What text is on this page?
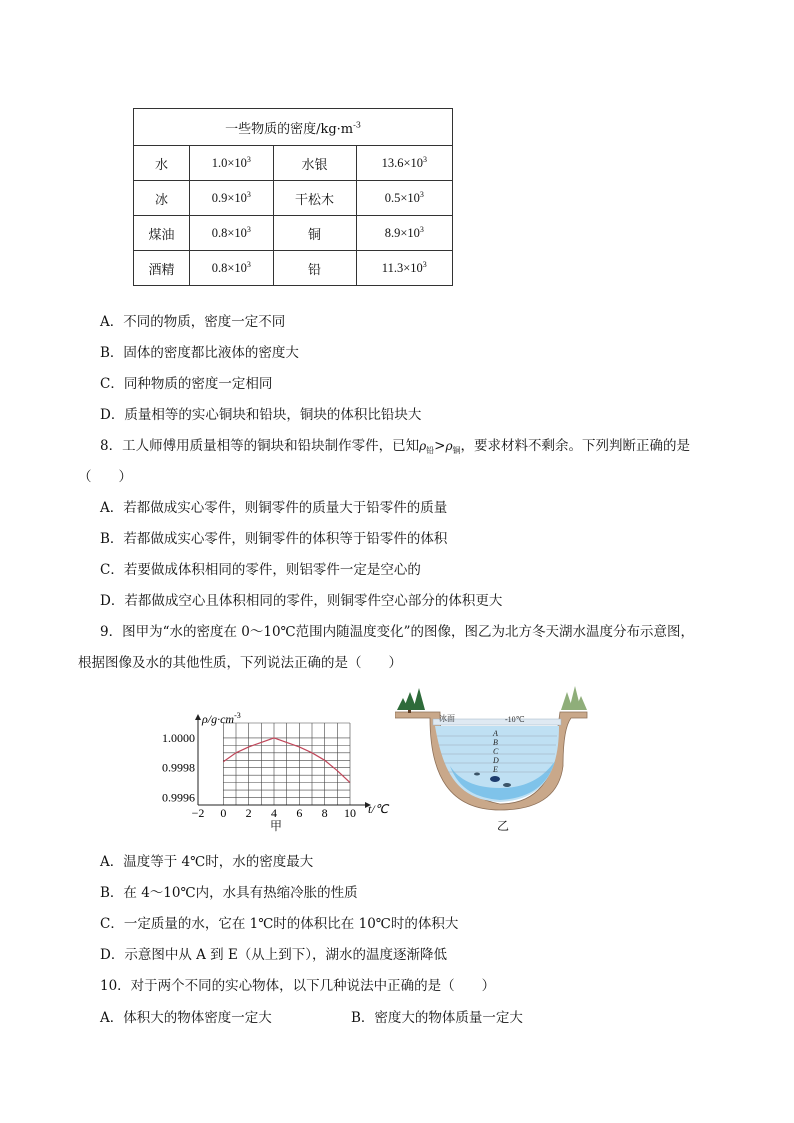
一些物质的密度$/kg\cdot m^{-3}$
水	$1.0\times 10^3$	水银	$13.6\times 10^3$
冰	$0.9\times 10^3$	干松木	$0.5\times 10^3$
煤油	$0.8\times 10^3$	铜	$8.9\times 10^3$
酒精	$0.8\times 10^3$	铅	$11.3\times 10^3$
A．不同的物质，密度一定不同
B．固体的密度都比液体的密度大
C．同种物质的密度一定相同
D．质量相等的实心铜块和铅块，铜块的体积比铅块大
8．工人师傅用质量相等的铜块和铅块制作零件，已知$\rho_铅>\rho_铜$，要求材料不剩余。下列判断正确的是
（　　）
A．若都做成实心零件，则铜零件的质量大于铅零件的质量
B．若都做成实心零件，则铜零件的体积等于铅零件的体积
C．若要做成体积相同的零件，则铝零件一定是空心的
D．若都做成空心且体积相同的零件，则铜零件空心部分的体积更大
9．图甲为“水的密度在 0～10℃范围内随温度变化”的图像，图乙为北方冬天湖水温度分布示意图，
根据图像及水的其他性质，下列说法正确的是（　　）
−2 0 2 4 6 8 10
1.0000
0.9998
0.9996
$\rho/g\cdot cm^{-3}$
t/℃
甲
冰面	-10℃
A
B
C
D
E
乙
A．温度等于 4℃时，水的密度最大
B．在 4～10℃内，水具有热缩冷胀的性质
C．一定质量的水，它在 1℃时的体积比在 10℃时的体积大
D．示意图中从 A 到 E（从上到下），湖水的温度逐渐降低
10．对于两个不同的实心物体，以下几种说法中正确的是（　　）
A．体积大的物体密度一定大	B．密度大的物体质量一定大
